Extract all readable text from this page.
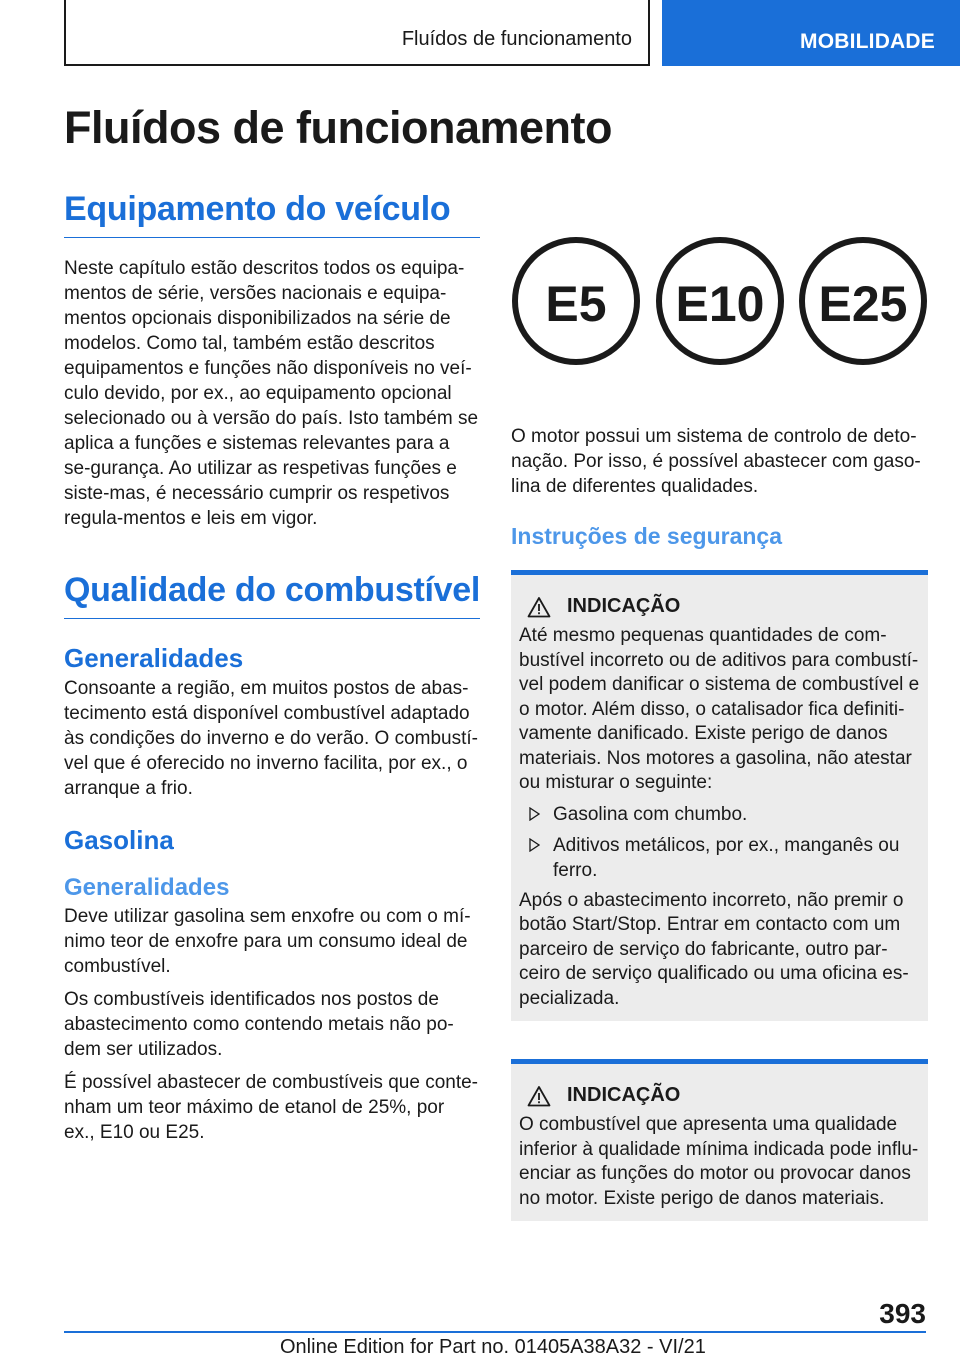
Fluídos de funcionamento	MOBILIDADE
Fluídos de funcionamento
Equipamento do veículo

Neste capítulo estão descritos todos os equipa-mentos de série, versões nacionais e equipa-mentos opcionais disponibilizados na série de modelos. Como tal, também estão descritos equipamentos e funções não disponíveis no veí-culo devido, por ex., ao equipamento opcional selecionado ou à versão do país. Isto também se aplica a funções e sistemas relevantes para a se-gurança. Ao utilizar as respetivas funções e siste-mas, é necessário cumprir os respetivos regula-mentos e leis em vigor.

Qualidade do combustível
Generalidades

Consoante a região, em muitos postos de abas-tecimento está disponível combustível adaptado às condições do inverno e do verão. O combustí-vel que é oferecido no inverno facilita, por ex., o arranque a frio.

Gasolina
Generalidades

Deve utilizar gasolina sem enxofre ou com o mí-nimo teor de enxofre para um consumo ideal de combustível.

Os combustíveis identificados nos postos de abastecimento como contendo metais não po-dem ser utilizados.

É possível abastecer de combustíveis que conte-nham um teor máximo de etanol de 25%, por ex., E10 ou E25.

E5 E10 E25

O motor possui um sistema de controlo de deto-nação. Por isso, é possível abastecer com gaso-lina de diferentes qualidades.

Instruções de segurança
INDICAÇÃO

Até mesmo pequenas quantidades de com-bustível incorreto ou de aditivos para combustí-vel podem danificar o sistema de combustível e o motor. Além disso, o catalisador fica definiti-vamente danificado. Existe perigo de danos materiais. Nos motores a gasolina, não atestar ou misturar o seguinte:

Gasolina com chumbo.
Aditivos metálicos, por ex., manganês ou ferro.

Após o abastecimento incorreto, não premir o botão Start/Stop. Entrar em contacto com um parceiro de serviço do fabricante, outro par-ceiro de serviço qualificado ou uma oficina es-pecializada.

INDICAÇÃO

O combustível que apresenta uma qualidade inferior à qualidade mínima indicada pode influ-enciar as funções do motor ou provocar danos no motor. Existe perigo de danos materiais.

393
Online Edition for Part no. 01405A38A32 - VI/21
